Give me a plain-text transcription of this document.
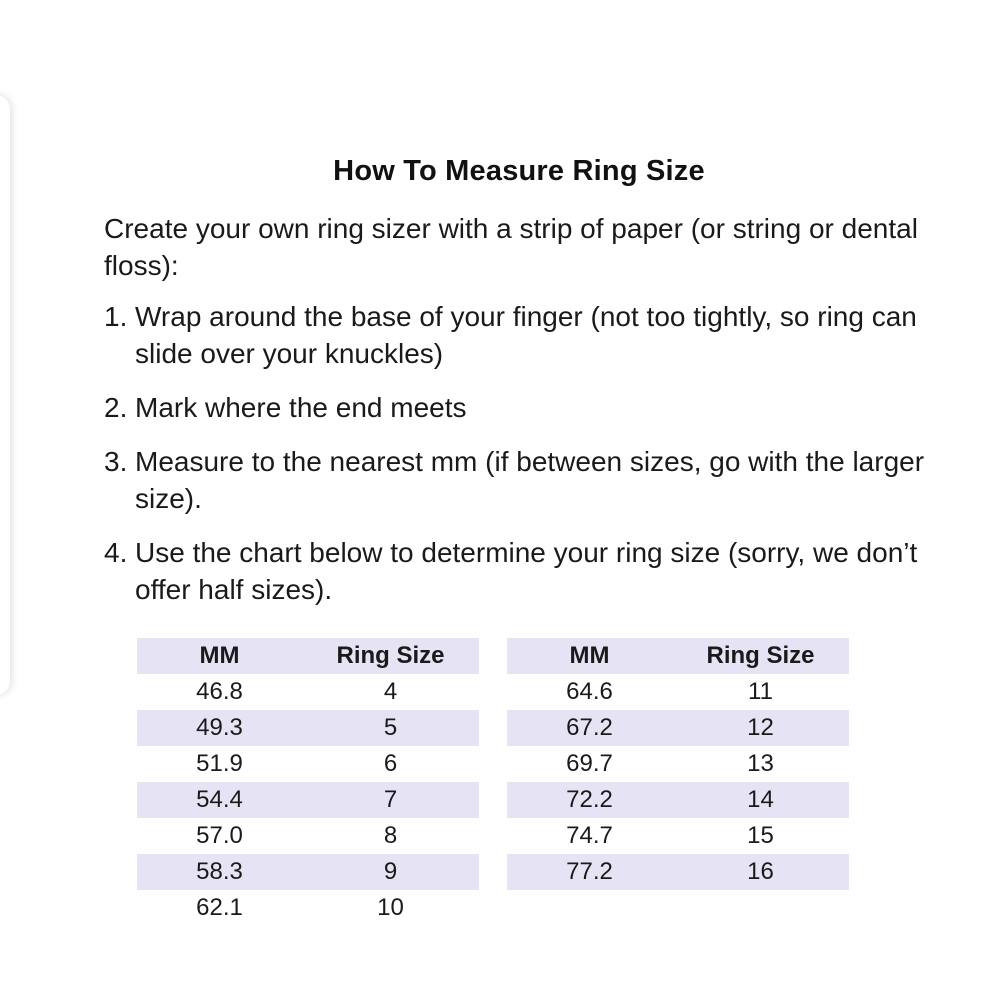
How To Measure Ring Size
Create your own ring sizer with a strip of paper (or string or dental floss):
1. Wrap around the base of your finger (not too tightly, so ring can slide over your knuckles)
2. Mark where the end meets
3. Measure to the nearest mm (if between sizes, go with the larger size).
4. Use the chart below to determine your ring size (sorry, we don’t offer half sizes).
MM	Ring Size
46.8	4
49.3	5
51.9	6
54.4	7
57.0	8
58.3	9
62.1	10
MM	Ring Size
64.6	11
67.2	12
69.7	13
72.2	14
74.7	15
77.2	16
